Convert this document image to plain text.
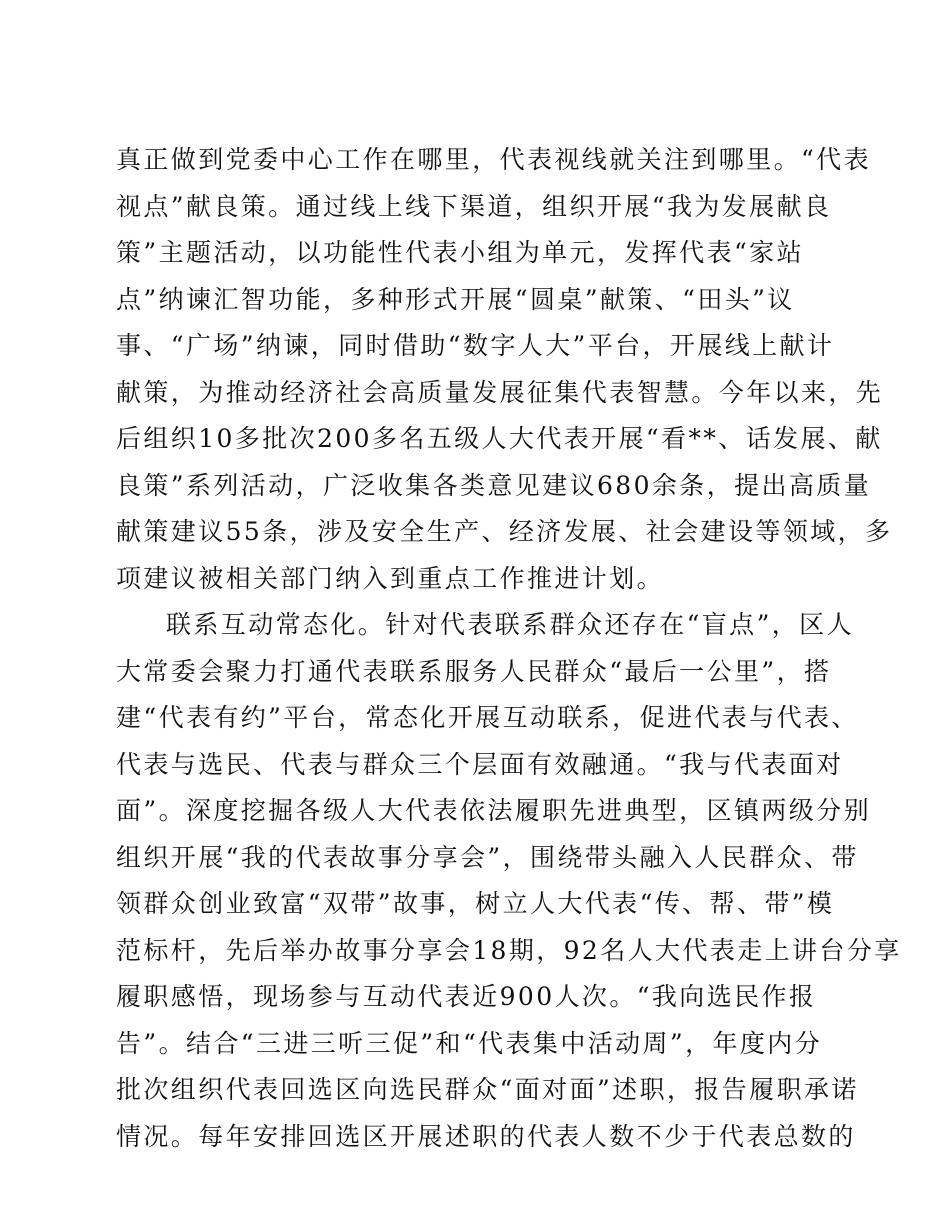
真正做到党委中心工作在哪里，代表视线就关注到哪里。“代表
视点”献良策。通过线上线下渠道，组织开展“我为发展献良
策”主题活动，以功能性代表小组为单元，发挥代表“家站
点”纳谏汇智功能，多种形式开展“圆桌”献策、“田头”议
事、“广场”纳谏，同时借助“数字人大”平台，开展线上献计
献策，为推动经济社会高质量发展征集代表智慧。今年以来，先
后组织10多批次200多名五级人大代表开展“看**、话发展、献
良策”系列活动，广泛收集各类意见建议680余条，提出高质量
献策建议55条，涉及安全生产、经济发展、社会建设等领域，多
项建议被相关部门纳入到重点工作推进计划。
联系互动常态化。针对代表联系群众还存在“盲点”，区人
大常委会聚力打通代表联系服务人民群众“最后一公里”，搭
建“代表有约”平台，常态化开展互动联系，促进代表与代表、
代表与选民、代表与群众三个层面有效融通。“我与代表面对
面”。深度挖掘各级人大代表依法履职先进典型，区镇两级分别
组织开展“我的代表故事分享会”，围绕带头融入人民群众、带
领群众创业致富“双带”故事，树立人大代表“传、帮、带”模
范标杆，先后举办故事分享会18期，92名人大代表走上讲台分享
履职感悟，现场参与互动代表近900人次。“我向选民作报
告”。结合“三进三听三促”和“代表集中活动周”，年度内分
批次组织代表回选区向选民群众“面对面”述职，报告履职承诺
情况。每年安排回选区开展述职的代表人数不少于代表总数的
